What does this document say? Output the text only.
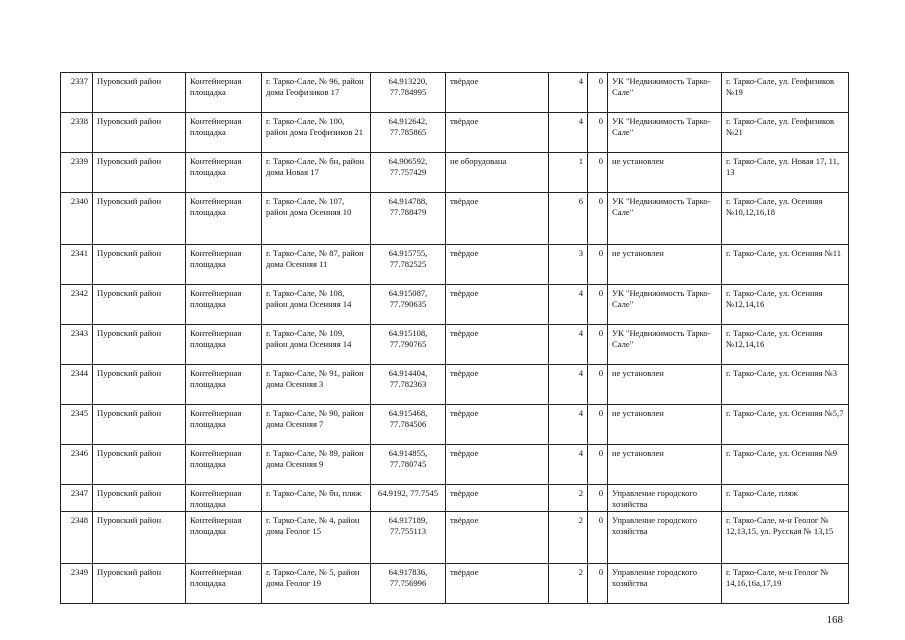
2337	Пуровский район	Контейнерная площадка	г. Тарко-Сале, № 96, район дома Геофизиков 17	64.913220, 77.784995	твёрдое	4	0	УК "Недвижимость Тарко-Сале"	г. Тарко-Сале, ул. Геофизиков №19
2338	Пуровский район	Контейнерная площадка	г. Тарко-Сале, № 100, район дома Геофизиков 21	64.912642, 77.785865	твёрдое	4	0	УК "Недвижимость Тарко-Сале"	г. Тарко-Сале, ул. Геофизиков №21
2339	Пуровский район	Контейнерная площадка	г. Тарко-Сале, № бн, район дома Новая 17	64.906592, 77.757429	не оборудована	1	0	не установлен	г. Тарко-Сале, ул. Новая 17, 11, 13
2340	Пуровский район	Контейнерная площадка	г. Тарко-Сале, № 107, район дома Осенняя 10	64.914788, 77.788479	твёрдое	6	0	УК "Недвижимость Тарко-Сале"	г. Тарко-Сале, ул. Осенняя №10,12,16,18
2341	Пуровский район	Контейнерная площадка	г. Тарко-Сале, № 87, район дома Осенняя 11	64.915755, 77.782525	твёрдое	3	0	не установлен	г. Тарко-Сале, ул. Осенняя №11
2342	Пуровский район	Контейнерная площадка	г. Тарко-Сале, № 108, район дома Осенняя 14	64.915087, 77.790635	твёрдое	4	0	УК "Недвижимость Тарко-Сале"	г. Тарко-Сале, ул. Осенняя №12,14,16
2343	Пуровский район	Контейнерная площадка	г. Тарко-Сале, № 109, район дома Осенняя 14	64.915108, 77.790765	твёрдое	4	0	УК "Недвижимость Тарко-Сале"	г. Тарко-Сале, ул. Осенняя №12,14,16
2344	Пуровский район	Контейнерная площадка	г. Тарко-Сале, № 91, район дома Осенняя 3	64.914404, 77.782363	твёрдое	4	0	не установлен	г. Тарко-Сале, ул. Осенняя №3
2345	Пуровский район	Контейнерная площадка	г. Тарко-Сале, № 90, район дома Осенняя 7	64.915468, 77.784506	твёрдое	4	0	не установлен	г. Тарко-Сале, ул. Осенняя №5,7
2346	Пуровский район	Контейнерная площадка	г. Тарко-Сале, № 89, район дома Осенняя 9	64.914855, 77.780745	твёрдое	4	0	не установлен	г. Тарко-Сале, ул. Осенняя №9
2347	Пуровский район	Контейнерная площадка	г. Тарко-Сале, № бн, пляж	64.9192, 77.7545	твёрдое	2	0	Управление городского хозяйства	г. Тарко-Сале, пляж
2348	Пуровский район	Контейнерная площадка	г. Тарко-Сале, № 4, район дома Геолог 15	64.917189, 77.755113	твёрдое	2	0	Управление городского хозяйства	г. Тарко-Сале, м-н Геолог № 12,13,15, ул. Русская № 13,15
2349	Пуровский район	Контейнерная площадка	г. Тарко-Сале, № 5, район дома Геолог 19	64.917836, 77.756996	твёрдое	2	0	Управление городского хозяйства	г. Тарко-Сале, м-н Геолог № 14,16,16а,17,19
168
